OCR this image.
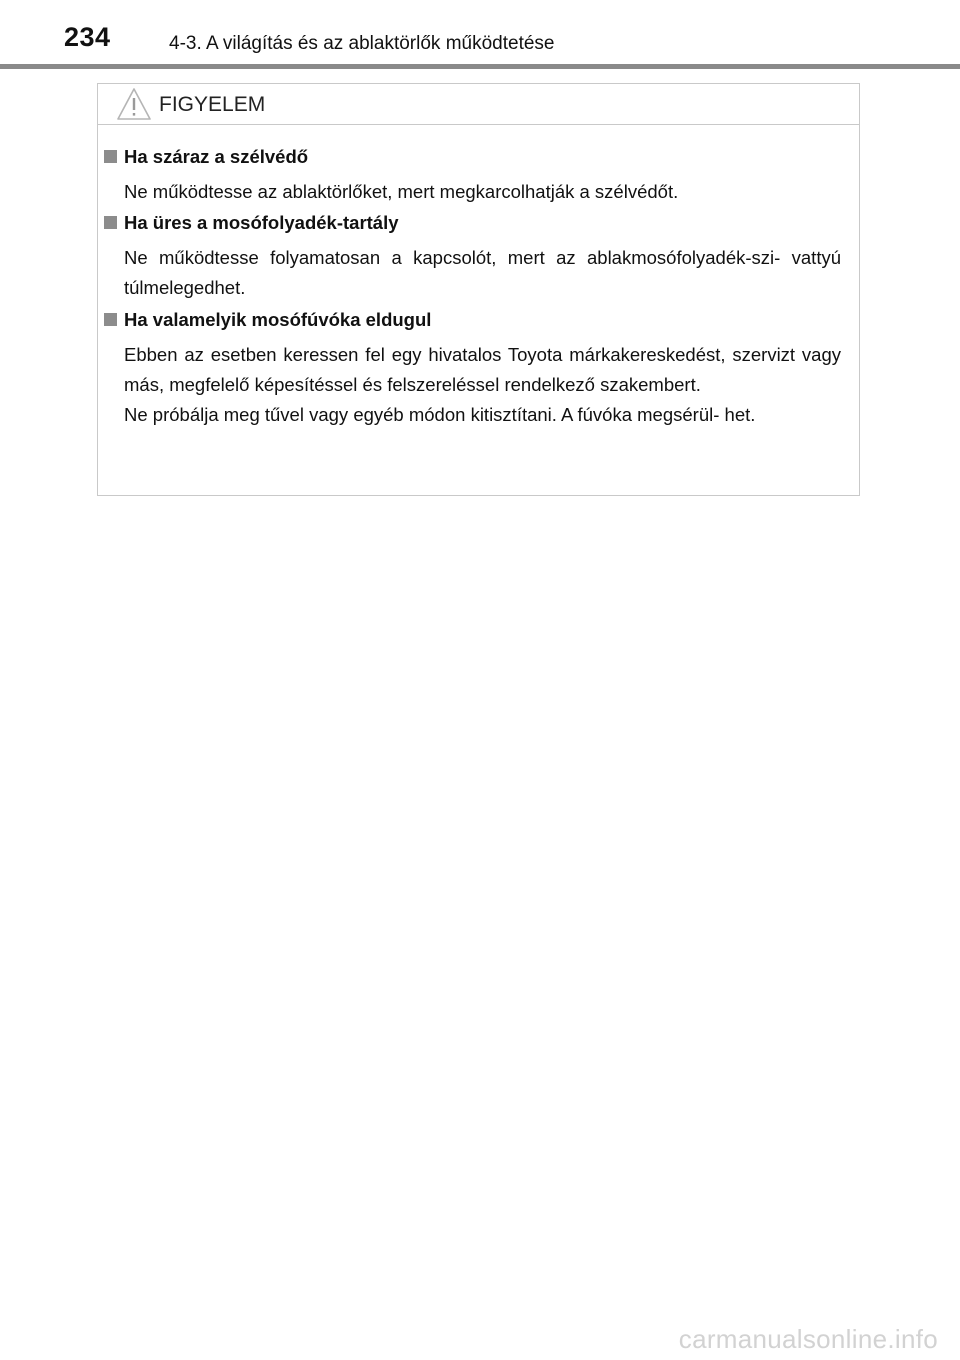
234	4-3. A világítás és az ablaktörlők működtetése
FIGYELEM
Ha száraz a szélvédő

Ne működtesse az ablaktörlőket, mert megkarcolhatják a szélvédőt.

Ha üres a mosófolyadék-tartály

Ne működtesse folyamatosan a kapcsolót, mert az ablakmosófolyadék-szi- vattyú túlmelegedhet.

Ha valamelyik mosófúvóka eldugul

Ebben az esetben keressen fel egy hivatalos Toyota márkakereskedést, szervizt vagy más, megfelelő képesítéssel és felszereléssel rendelkező szakembert.

Ne próbálja meg tűvel vagy egyéb módon kitisztítani. A fúvóka megsérül- het.

carmanualsonline.info
